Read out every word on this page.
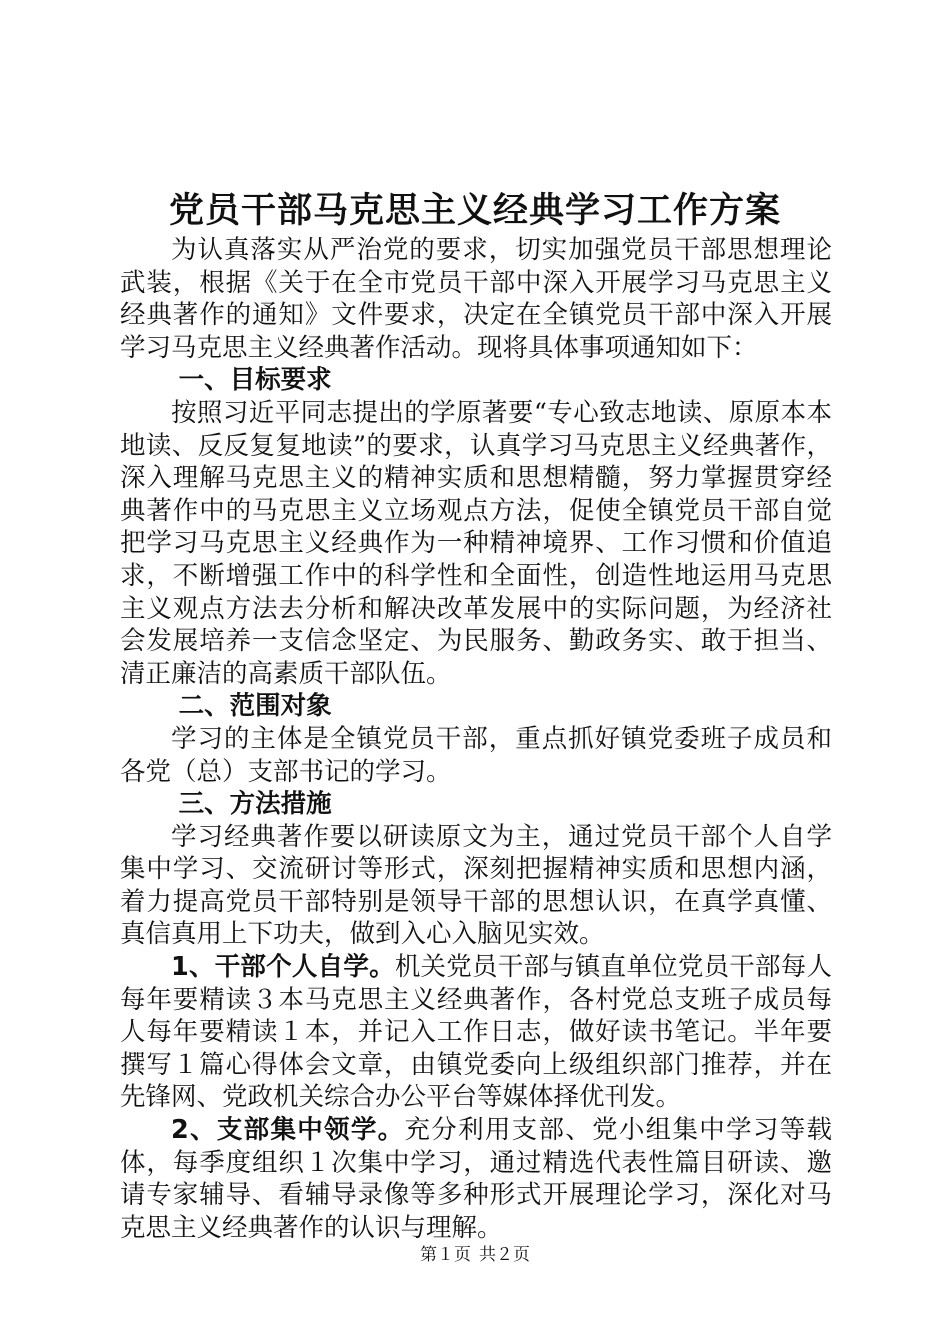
党员干部马克思主义经典学习工作方案

为认真落实从严治党的要求，切实加强党员干部思想理论武装，根据《关于在全市党员干部中深入开展学习马克思主义经典著作的通知》文件要求，决定在全镇党员干部中深入开展学习马克思主义经典著作活动。现将具体事项通知如下：

一、目标要求

按照习近平同志提出的学原著要“专心致志地读、原原本本地读、反反复复地读”的要求，认真学习马克思主义经典著作，深入理解马克思主义的精神实质和思想精髓，努力掌握贯穿经典著作中的马克思主义立场观点方法，促使全镇党员干部自觉把学习马克思主义经典作为一种精神境界、工作习惯和价值追求，不断增强工作中的科学性和全面性，创造性地运用马克思主义观点方法去分析和解决改革发展中的实际问题，为经济社会发展培养一支信念坚定、为民服务、勤政务实、敢于担当、清正廉洁的高素质干部队伍。

二、范围对象

学习的主体是全镇党员干部，重点抓好镇党委班子成员和各党（总）支部书记的学习。

三、方法措施

学习经典著作要以研读原文为主，通过党员干部个人自学集中学习、交流研讨等形式，深刻把握精神实质和思想内涵，着力提高党员干部特别是领导干部的思想认识，在真学真懂、真信真用上下功夫，做到入心入脑见实效。

1、干部个人自学。机关党员干部与镇直单位党员干部每人每年要精读３本马克思主义经典著作，各村党总支班子成员每人每年要精读１本，并记入工作日志，做好读书笔记。半年要撰写１篇心得体会文章，由镇党委向上级组织部门推荐，并在先锋网、党政机关综合办公平台等媒体择优刊发。

2、支部集中领学。充分利用支部、党小组集中学习等载体，每季度组织１次集中学习，通过精选代表性篇目研读、邀请专家辅导、看辅导录像等多种形式开展理论学习，深化对马克思主义经典著作的认识与理解。

第１页 共２页
